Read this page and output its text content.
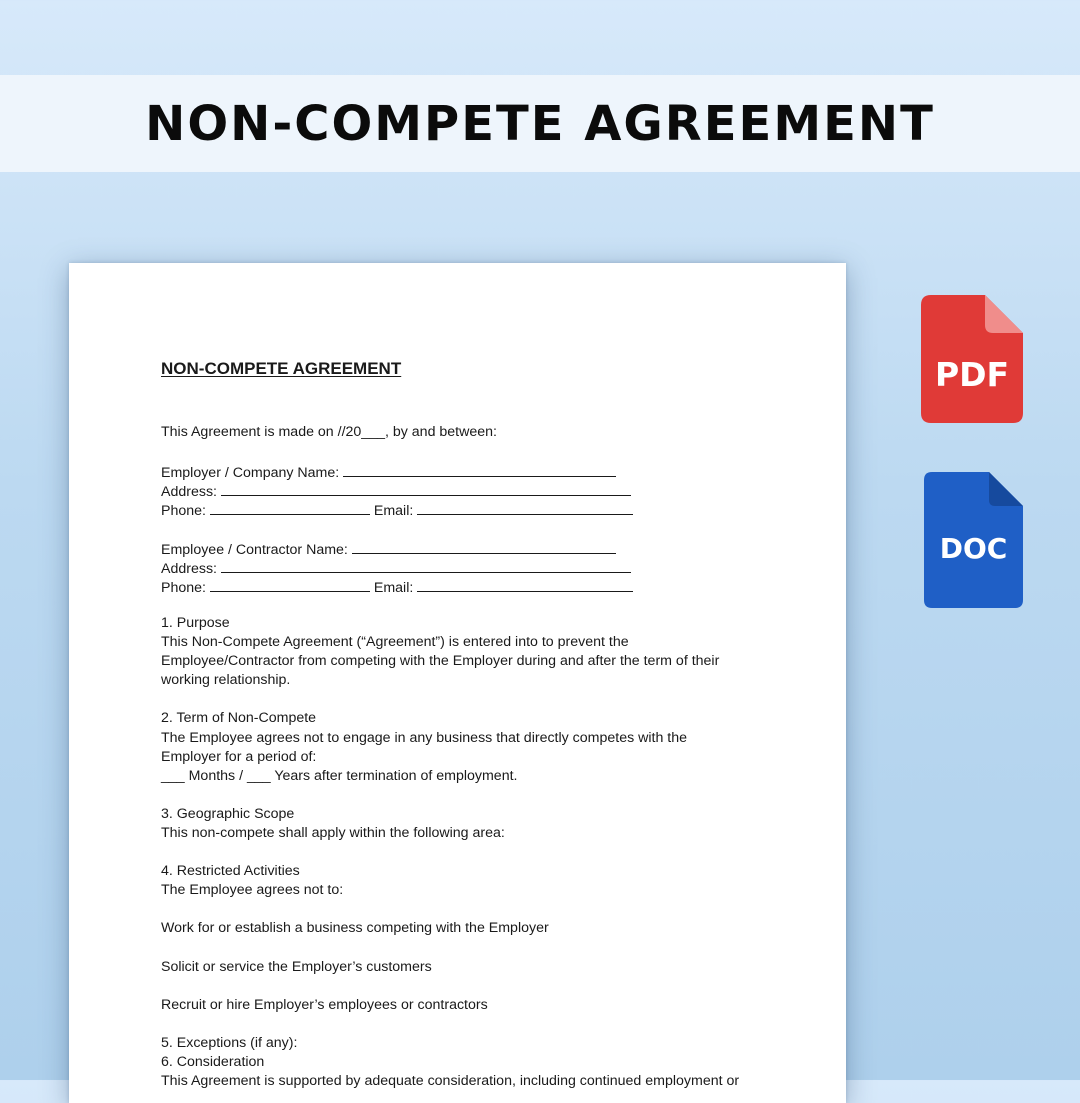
NON-COMPETE AGREEMENT
NON-COMPETE AGREEMENT
This Agreement is made on //20___, by and between:
Employer / Company Name:
Address:
Phone:	Email:
Employee / Contractor Name:
Address:
Phone:	Email:
1. Purpose
This Non-Compete Agreement (“Agreement”) is entered into to prevent the
Employee/Contractor from competing with the Employer during and after the term of their
working relationship.
2. Term of Non-Compete
The Employee agrees not to engage in any business that directly competes with the
Employer for a period of:
___ Months / ___ Years after termination of employment.
3. Geographic Scope
This non-compete shall apply within the following area:
4. Restricted Activities
The Employee agrees not to:
Work for or establish a business competing with the Employer
Solicit or service the Employer’s customers
Recruit or hire Employer’s employees or contractors
5. Exceptions (if any):
6. Consideration
This Agreement is supported by adequate consideration, including continued employment or
PDF
DOC
